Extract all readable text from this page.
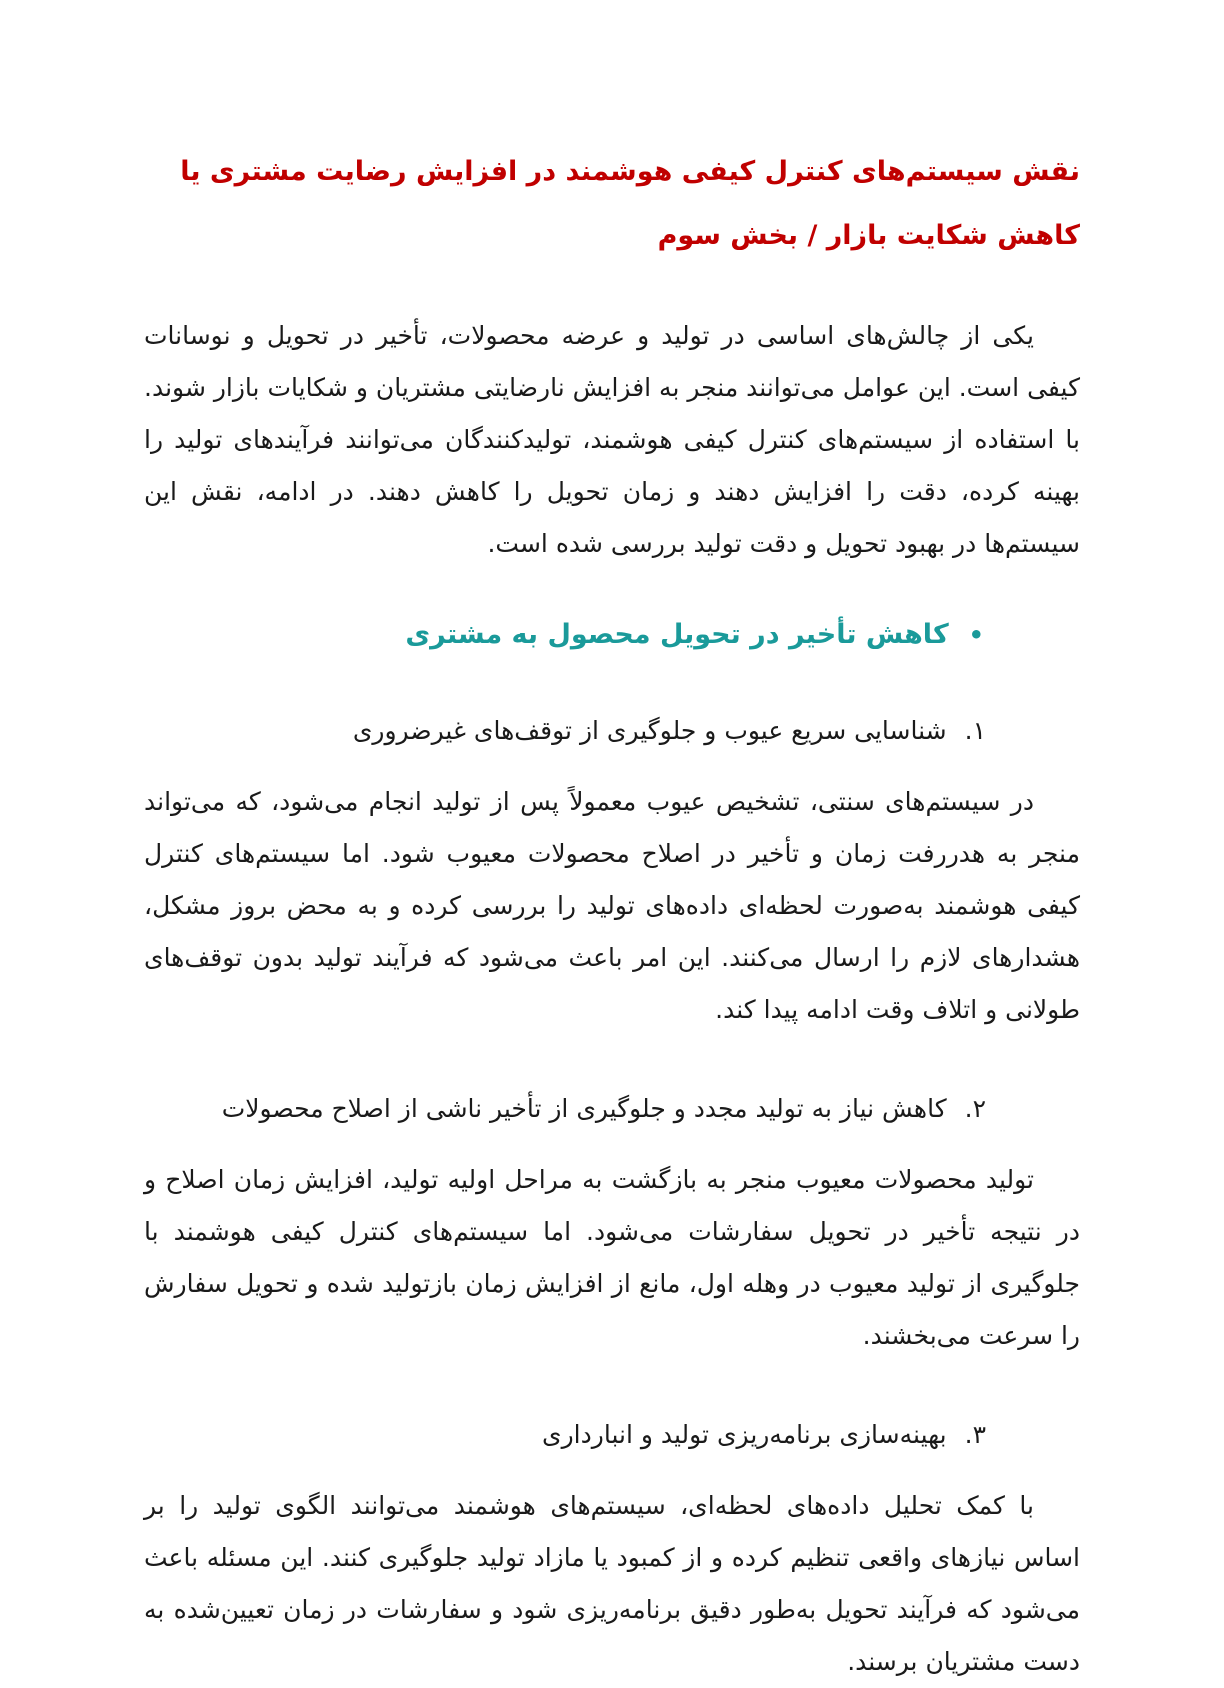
نقش سیستم‌های کنترل کیفی هوشمند در افزایش رضایت مشتری یا کاهش شکایت بازار / بخش سوم

یکی از چالش‌های اساسی در تولید و عرضه محصولات، تأخیر در تحویل و نوسانات کیفی است. این عوامل می‌توانند منجر به افزایش نارضایتی مشتریان و شکایات بازار شوند. با استفاده از سیستم‌های کنترل کیفی هوشمند، تولیدکنندگان می‌توانند فرآیندهای تولید را بهینه کرده، دقت را افزایش دهند و زمان تحویل را کاهش دهند. در ادامه، نقش این سیستم‌ها در بهبود تحویل و دقت تولید بررسی شده است.

•
کاهش تأخیر در تحویل محصول به مشتری
۱.
شناسایی سریع عیوب و جلوگیری از توقف‌های غیرضروری

در سیستم‌های سنتی، تشخیص عیوب معمولاً پس از تولید انجام می‌شود، که می‌تواند منجر به هدررفت زمان و تأخیر در اصلاح محصولات معیوب شود. اما سیستم‌های کنترل کیفی هوشمند به‌صورت لحظه‌ای داده‌های تولید را بررسی کرده و به محض بروز مشکل، هشدارهای لازم را ارسال می‌کنند. این امر باعث می‌شود که فرآیند تولید بدون توقف‌های طولانی و اتلاف وقت ادامه پیدا کند.

۲.
کاهش نیاز به تولید مجدد و جلوگیری از تأخیر ناشی از اصلاح محصولات

تولید محصولات معیوب منجر به بازگشت به مراحل اولیه تولید، افزایش زمان اصلاح و در نتیجه تأخیر در تحویل سفارشات می‌شود. اما سیستم‌های کنترل کیفی هوشمند با جلوگیری از تولید معیوب در وهله اول، مانع از افزایش زمان بازتولید شده و تحویل سفارش را سرعت می‌بخشند.

۳.
بهینه‌سازی برنامه‌ریزی تولید و انبارداری

با کمک تحلیل داده‌های لحظه‌ای، سیستم‌های هوشمند می‌توانند الگوی تولید را بر اساس نیازهای واقعی تنظیم کرده و از کمبود یا مازاد تولید جلوگیری کنند. این مسئله باعث می‌شود که فرآیند تحویل به‌طور دقیق برنامه‌ریزی شود و سفارشات در زمان تعیین‌شده به دست مشتریان برسند.
